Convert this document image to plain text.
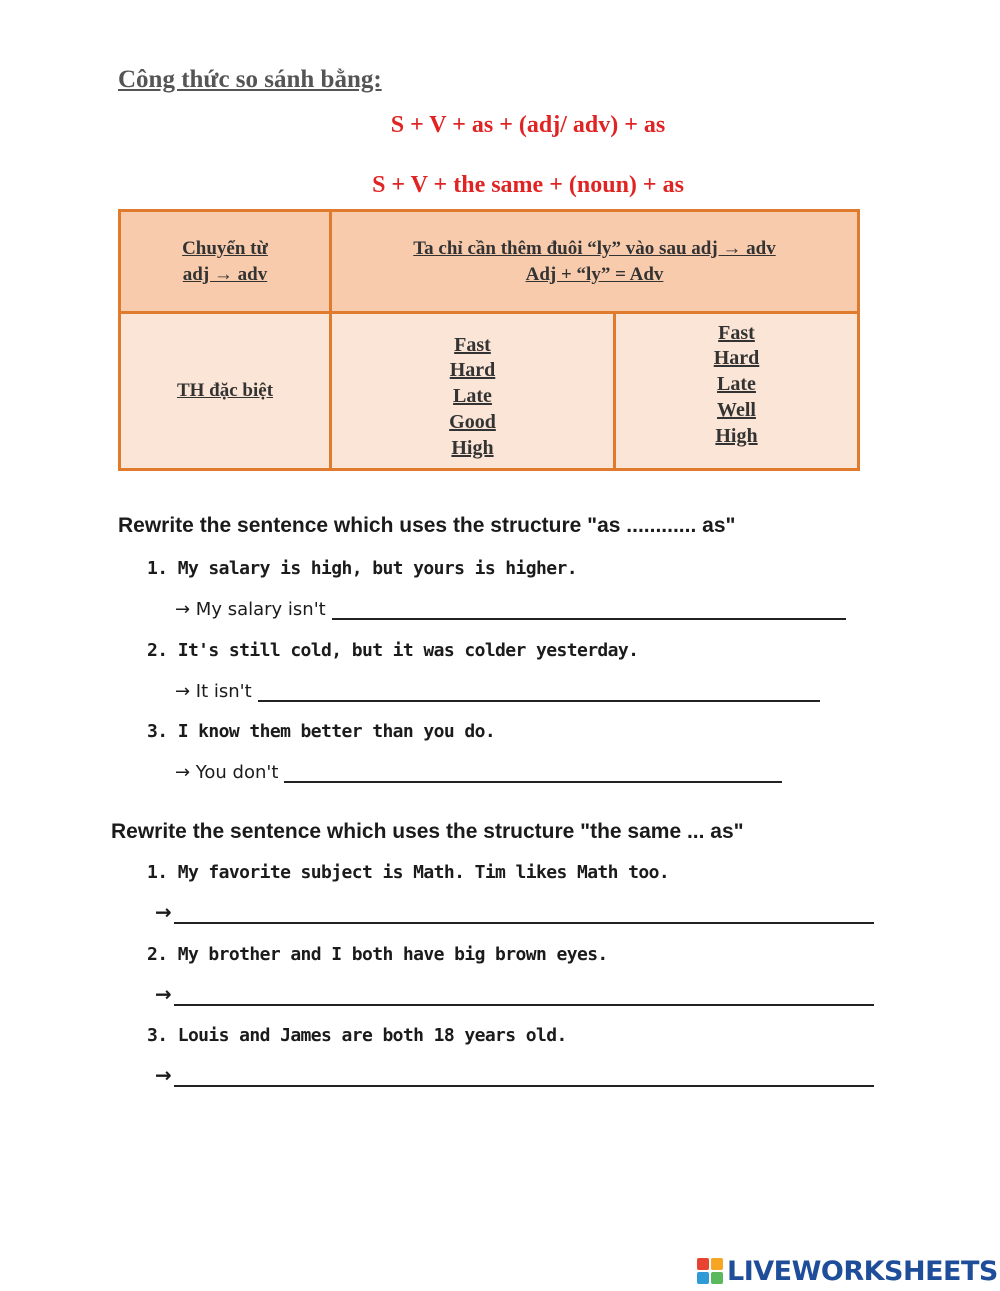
Công thức so sánh bằng:
S + V + as + (adj/ adv) + as
S + V + the same + (noun) + as
Chuyển từ
adj → adv
Ta chỉ cần thêm đuôi “ly” vào sau adj → adv
Adj + “ly” = Adv
TH đặc biệt
Fast
Hard
Late
Good
High
Fast
Hard
Late
Well
High
Rewrite the sentence which uses the structure "as ............ as"
1. My salary is high, but yours is higher.
→ My salary isn't
2. It's still cold, but it was colder yesterday.
→ It isn't
3. I know them better than you do.
→ You don't
Rewrite the sentence which uses the structure "the same ... as"
1. My favorite subject is Math. Tim likes Math too.
→
2. My brother and I both have big brown eyes.
→
3. Louis and James are both 18 years old.
→
LIVEWORKSHEETS
